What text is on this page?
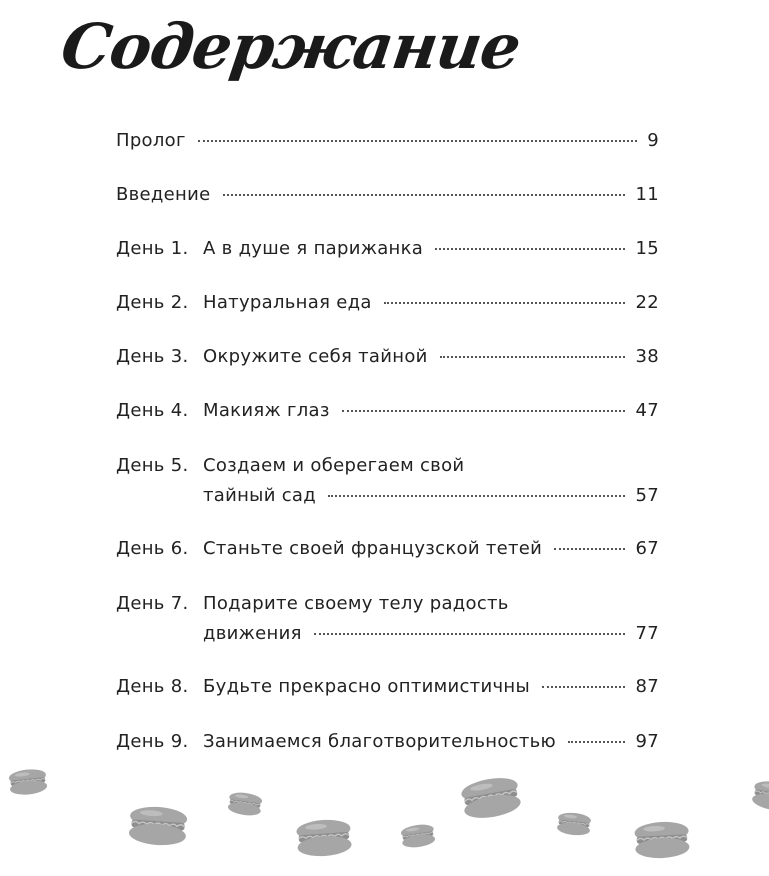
Содержание
Пролог	9
Введение	11
День 1. А в душе я парижанка	15
День 2. Натуральная еда	22
День 3. Окружите себя тайной	38
День 4. Макияж глаз	47
День 5. Создаем и оберегаем свой
тайный сад	57
День 6. Станьте своей французской тетей	67
День 7. Подарите своему телу радость
движения	77
День 8. Будьте прекрасно оптимистичны	87
День 9. Занимаемся благотворительностью	97
